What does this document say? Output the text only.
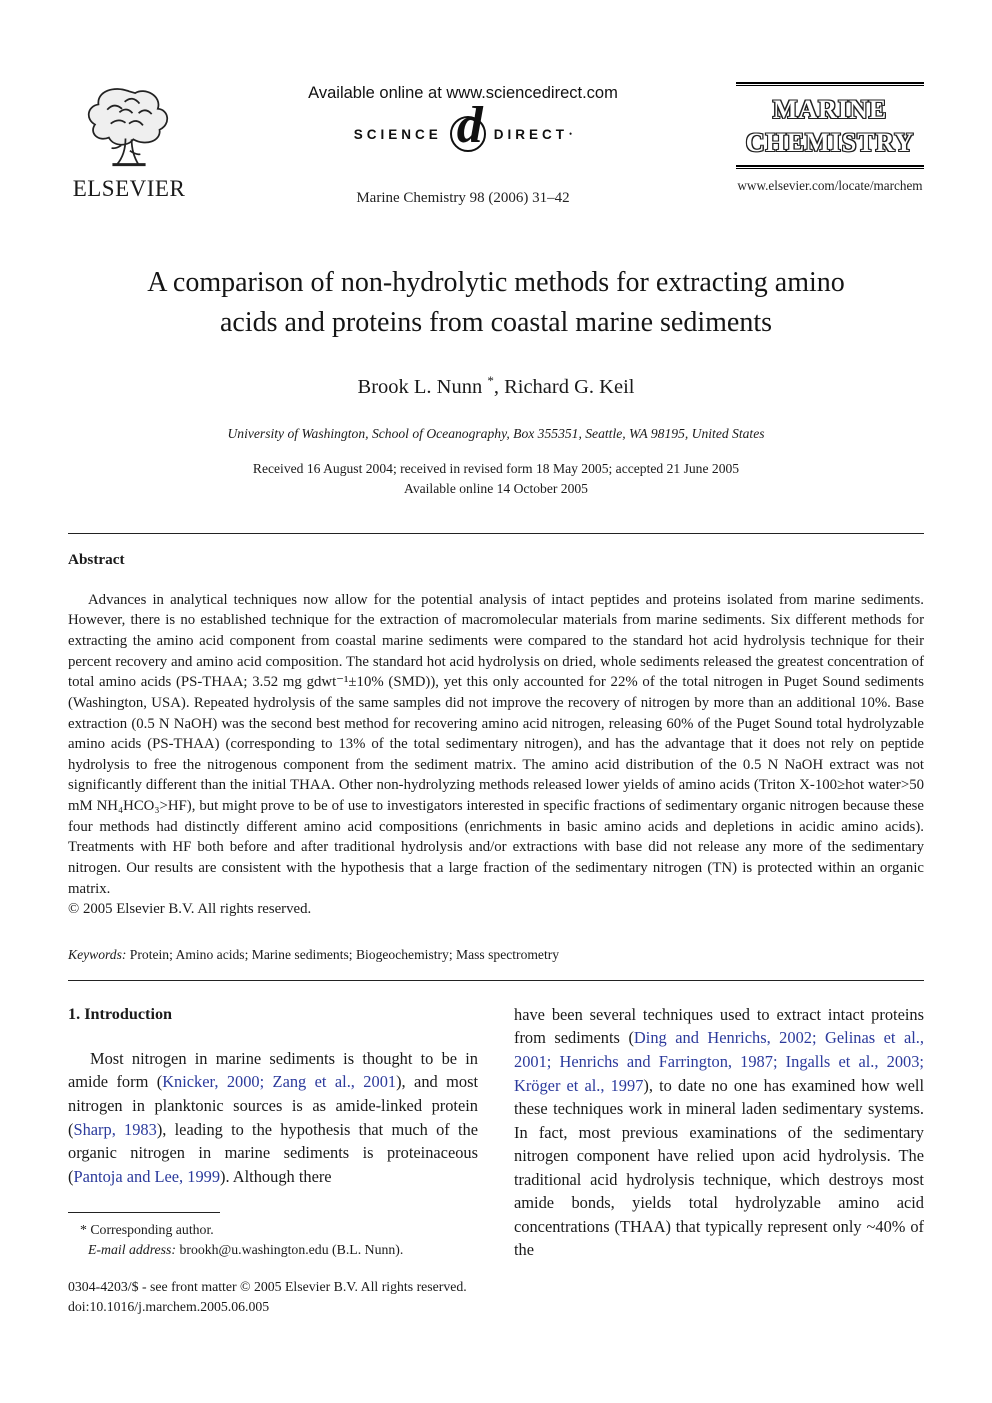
ELSEVIER
Available online at www.sciencedirect.com
SCIENCE d DIRECT •
Marine Chemistry 98 (2006) 31–42
MARINE
CHEMISTRY
www.elsevier.com/locate/marchem
A comparison of non-hydrolytic methods for extracting amino
acids and proteins from coastal marine sediments
Brook L. Nunn *, Richard G. Keil
University of Washington, School of Oceanography, Box 355351, Seattle, WA 98195, United States
Received 16 August 2004; received in revised form 18 May 2005; accepted 21 June 2005
Available online 14 October 2005
Abstract
Advances in analytical techniques now allow for the potential analysis of intact peptides and proteins isolated from marine sediments. However, there is no established technique for the extraction of macromolecular materials from marine sediments. Six different methods for extracting the amino acid component from coastal marine sediments were compared to the standard hot acid hydrolysis technique for their percent recovery and amino acid composition. The standard hot acid hydrolysis on dried, whole sediments released the greatest concentration of total amino acids (PS-THAA; 3.52 mg gdwt⁻¹±10% (SMD)), yet this only accounted for 22% of the total nitrogen in Puget Sound sediments (Washington, USA). Repeated hydrolysis of the same samples did not improve the recovery of nitrogen by more than an additional 10%. Base extraction (0.5 N NaOH) was the second best method for recovering amino acid nitrogen, releasing 60% of the Puget Sound total hydrolyzable amino acids (PS-THAA) (corresponding to 13% of the total sedimentary nitrogen), and has the advantage that it does not rely on peptide hydrolysis to free the nitrogenous component from the sediment matrix. The amino acid distribution of the 0.5 N NaOH extract was not significantly different than the initial THAA. Other non-hydrolyzing methods released lower yields of amino acids (Triton X-100≥hot water>50 mM NH₄HCO₃>HF), but might prove to be of use to investigators interested in specific fractions of sedimentary organic nitrogen because these four methods had distinctly different amino acid compositions (enrichments in basic amino acids and depletions in acidic amino acids). Treatments with HF both before and after traditional hydrolysis and/or extractions with base did not release any more of the sedimentary nitrogen. Our results are consistent with the hypothesis that a large fraction of the sedimentary nitrogen (TN) is protected within an organic matrix.
© 2005 Elsevier B.V. All rights reserved.
Keywords: Protein; Amino acids; Marine sediments; Biogeochemistry; Mass spectrometry
1. Introduction
Most nitrogen in marine sediments is thought to be in amide form (Knicker, 2000; Zang et al., 2001), and most nitrogen in planktonic sources is as amide-linked protein (Sharp, 1983), leading to the hypothesis that much of the organic nitrogen in marine sediments is proteinaceous (Pantoja and Lee, 1999). Although there
* Corresponding author.
E-mail address: brookh@u.washington.edu (B.L. Nunn).
have been several techniques used to extract intact proteins from sediments (Ding and Henrichs, 2002; Gelinas et al., 2001; Henrichs and Farrington, 1987; Ingalls et al., 2003; Kröger et al., 1997), to date no one has examined how well these techniques work in mineral laden sedimentary systems. In fact, most previous examinations of the sedimentary nitrogen component have relied upon acid hydrolysis. The traditional acid hydrolysis technique, which destroys most amide bonds, yields total hydrolyzable amino acid concentrations (THAA) that typically represent only ~40% of the
0304-4203/$ - see front matter © 2005 Elsevier B.V. All rights reserved.
doi:10.1016/j.marchem.2005.06.005
